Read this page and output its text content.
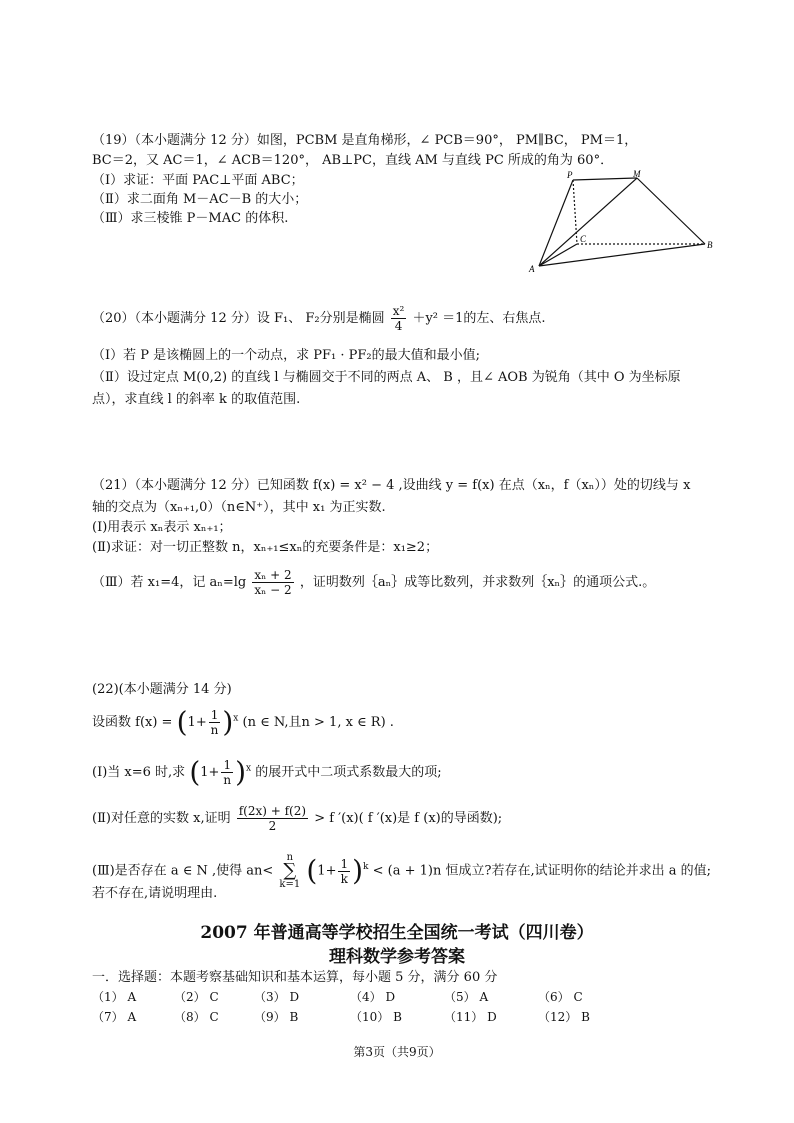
（19）（本小题满分 12 分）如图，PCBM 是直角梯形，∠ PCB＝90°， PM∥BC， PM＝1，
BC＝2，又 AC＝1，∠ ACB＝120°， AB⊥PC，直线 AM 与直线 PC 所成的角为 60°．
（Ⅰ）求证：平面 PAC⊥平面 ABC；
（Ⅱ）求二面角 M－AC－B 的大小；
（Ⅲ）求三棱锥 P－MAC 的体积.
P	M
C
B
A
（20）（本小题满分 12 分）设 F₁、 F₂分别是椭圆 $\frac{\text{x²}}{4} +y^2 =1$的左、右焦点.
（Ⅰ）若 P 是该椭圆上的一个动点，求 PF₁ · PF₂的最大值和最小值;
（Ⅱ）设过定点 M(0,2) 的直线 l 与椭圆交于不同的两点 A、 B ，且∠ AOB 为锐角（其中 O 为坐标原
点），求直线 l 的斜率 k 的取值范围.
（21）（本小题满分 12 分）已知函数 f(x) = x² − 4 ,设曲线 y = f(x) 在点（xₙ，f（xₙ））处的切线与 x
轴的交点为（xₙ₊₁,0）（n∈N⁺），其中 x₁ 为正实数.
(Ⅰ)用表示 xₙ表示 xₙ₊₁；
(Ⅱ)求证：对一切正整数 n，xₙ₊₁≤xₙ的充要条件是：x₁≥2；
（Ⅲ）若 x₁=4，记 $a_n=\lg \frac{\text{xₙ + 2}}{\text{xₙ − 2}}$ ，证明数列｛aₙ｝成等比数列，并求数列｛xₙ｝的通项公式.。
(22)(本小题满分 14 分)
设函数 $f(x) = (1+ \frac{1}{n} )^x$ (n ∈ N,且n > 1, x ∈ R) .
(Ⅰ)当 x=6 时,求 $(1+ \frac{1}{n} )^x$ 的展开式中二项式系数最大的项;
(Ⅱ)对任意的实数 x,证明 $\frac{f(2x) + f(2)}{2} > f$ ′(x)( f ′(x)是 f (x)的导函数);
(Ⅲ)是否存在 a ∈ N ,使得 an<
n
∑
k=1 $(1+ \frac{1}{k} )^k < (a + 1)n$ 恒成立?若存在,试证明你的结论并求出 a 的值;
若不存在,请说明理由.
2007 年普通高等学校招生全国统一考试（四川卷）
理科数学参考答案
一．选择题：本题考察基础知识和基本运算，每小题 5 分，满分 60 分
（1） A	（2） C	（3） D	（4） D	（5） A	（6） C
（7） A	（8） C	（9） B	（10） B	（11） D	（12） B
第3页（共9页）
